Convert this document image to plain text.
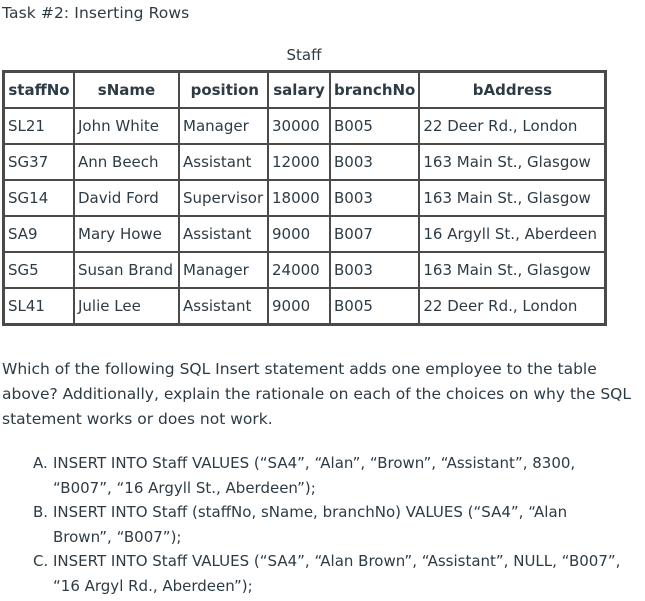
Task #2: Inserting Rows
Staff
staffNo	sName	position	salary	branchNo	bAddress
SL21	John White	Manager	30000	B005	22 Deer Rd., London
SG37	Ann Beech	Assistant	12000	B003	163 Main St., Glasgow
SG14	David Ford	Supervisor	18000	B003	163 Main St., Glasgow
SA9	Mary Howe	Assistant	9000	B007	16 Argyll St., Aberdeen
SG5	Susan Brand	Manager	24000	B003	163 Main St., Glasgow
SL41	Julie Lee	Assistant	9000	B005	22 Deer Rd., London
Which of the following SQL Insert statement adds one employee to the table above? Additionally, explain the rationale on each of the choices on why the SQL statement works or does not work.
A. INSERT INTO Staff VALUES (“SA4”, “Alan”, “Brown”, “Assistant”, 8300, “B007”, “16 Argyll St., Aberdeen”);
B. INSERT INTO Staff (staffNo, sName, branchNo) VALUES (“SA4”, “Alan Brown”, “B007”);
C. INSERT INTO Staff VALUES (“SA4”, “Alan Brown”, “Assistant”, NULL, “B007”, “16 Argyl Rd., Aberdeen”);
